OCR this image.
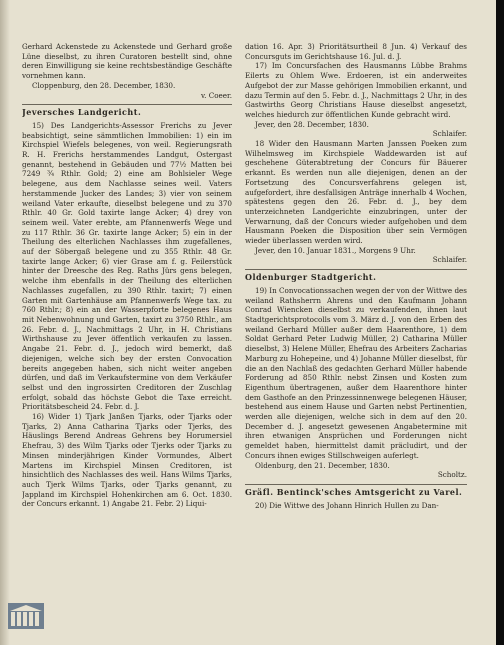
Gerhard Ackenstede zu Ackenstede und Gerhard große Lüne dieselbst, zu ihren Curatoren bestellt sind, ohne deren Einwilligung sie keine rechtsbeständige Geschäfte vornehmen kann.

Cloppenburg, den 28. December, 1830.

v. Coeer.

Jeversches Landgericht.

15) Des Landgerichts-Assessor Frerichs zu Jever beabsichtigt, seine sämmtlichen Immobilien: 1) ein im Kirchspiel Wiefels belegenes, von weil. Regierungsrath R. H. Frerichs herstammendes Landgut, Ostergast genannt, bestehend in Gebäuden und 77½ Matten bei 7249 ¾ Rthlr. Gold; 2) eine am Bohlsieler Wege belegene, aus dem Nachlasse seines weil. Vaters herstammende Jucker des Landes; 3) vier von seinem weiland Vater erkaufte, dieselbst belegene und zu 370 Rthlr. 40 Gr. Gold taxirte lange Acker; 4) drey von seinem weil. Vater erebte, am Pfannenwerfs Wege und zu 117 Rthlr. 36 Gr. taxirte lange Acker; 5) ein in der Theilung des elterlichen Nachlasses ihm zugefallenes, auf der Söbergaß belegene und zu 355 Rthlr. 48 Gr. taxirte lange Acker; 6) vier Grase am f. g. Feilerstück hinter der Dreesche des Reg. Raths Jürs gens belegen, welche ihm ebenfalls in der Theilung des elterlichen Nachlasses zugefallen, zu 390 Rthlr. taxirt; 7) einen Garten mit Gartenhäuse am Pfannenwerfs Wege tax. zu 760 Rthlr.; 8) ein an der Wasserpforte belegenes Haus mit Nebenwohnung und Garten, taxirt zu 3750 Rthlr., am 26. Febr. d. J., Nachmittags 2 Uhr, in H. Christians Wirthshause zu Jever öffentlich verkaufen zu lassen. Angabe 21. Febr. d. J., jedoch wird bemerkt, daß diejenigen, welche sich bey der ersten Convocation bereits angegeben haben, sich nicht weiter angeben dürfen, und daß im Verkaufstermine von dem Verkäufer selbst und den ingrossirten Creditoren der Zuschlag erfolgt, sobald das höchste Gebot die Taxe erreicht. Prioritätsbescheid 24. Febr. d. J.

16) Wider 1) Tjark Janßen Tjarks, oder Tjarks oder Tjarks, 2) Anna Catharina Tjarks oder Tjerks, des Häuslings Berend Andreas Gehrens bey Horumersiel Ehefrau, 3) des Wilm Tjarks oder Tjerks oder Tjarks zu Minsen minderjährigen Kinder Vormundes, Albert Martens im Kirchspiel Minsen Creditoren, ist hinsichtlich des Nachlasses des weil. Hans Wilms Tjarks, auch Tjerk Wilms Tjarks, oder Tjarks genannt, zu Jappland im Kirchspiel Hohenkirchen am 6. Oct. 1830. der Concurs erkannt. 1) Angabe 21. Febr. 2) Liqui-

dation 16. Apr. 3) Prioritätsurtheil 8 Jun. 4) Verkauf des Concursguts im Gerichtshause 16. Jul. d. J.

17) Im Concursfachen des Hausmanns Lübbe Brahms Eilerts zu Ohlem Wwe. Erdoeren, ist ein anderweites Aufgebot der zur Masse gehörigen Immobilien erkannt, und dazu Termin auf den 5. Febr. d. J., Nachmittags 2 Uhr, in des Gastwirths Georg Christians Hause dieselbst angesetzt, welches hiedurch zur öffentlichen Kunde gebracht wird.

Jever, den 28. December, 1830.

Schlaifer.

18 Wider den Hausmann Marten Janssen Poeken zum Wilhelmsweg im Kirchspiele Waddewarden ist auf geschehene Güterabtretung der Concurs für Bäuerer erkannt. Es werden nun alle diejenigen, denen an der Fortsetzung des Concursverfahrens gelegen ist, aufgefordert, ihre desfallsigen Anträge innerhalb 4 Wochen, spätestens gegen den 26. Febr. d. J., bey dem unterzeichneten Landgerichte einzubringen, unter der Verwarnung, daß der Concurs wieder aufgehoben und dem Hausmann Poeken die Disposition über sein Vermögen wieder überlassen werden wird.

Jever, den 10. Januar 1831., Morgens 9 Uhr.

Schlaifer.

Oldenburger Stadtgericht.

19) In Convocationssachen wegen der von der Wittwe des weiland Rathsherrn Ahrens und den Kaufmann Johann Conrad Wiencken dieselbst zu verkaufenden, ihnen laut Stadtgerichtsprotocolls vom 3. März d. J. von den Erben des weiland Gerhard Müller außer dem Haarenthore, 1) dem Soldat Gerhard Peter Ludwig Müller, 2) Catharina Müller dieselbst, 3) Helene Müller, Ehefrau des Arbeiters Zacharias Marburg zu Hohepeine, und 4) Johanne Müller dieselbst, für die an den Nachlaß des gedachten Gerhard Müller habende Forderung ad 850 Rthlr. nebst Zinsen und Kosten zum Eigenthum übertragenen, außer dem Haarenthore hinter dem Gasthofe an den Prinzessinnenwege belegenen Häuser, bestehend aus einem Hause und Garten nebst Pertinentien, werden alle diejenigen, welche sich in dem auf den 20. December d. J. angesetzt gewesenen Angabetermine mit ihren etwanigen Ansprüchen und Forderungen nicht gemeldet haben, hiermittelst damit präcludirt, und der Concurs ihnen ewiges Stillschweigen auferlegt.

Oldenburg, den 21. December, 1830.

Scholtz.

Gräfl. Bentinck'sches Amtsgericht zu Varel.

20) Die Wittwe des Johann Hinrich Hullen zu Dan-
